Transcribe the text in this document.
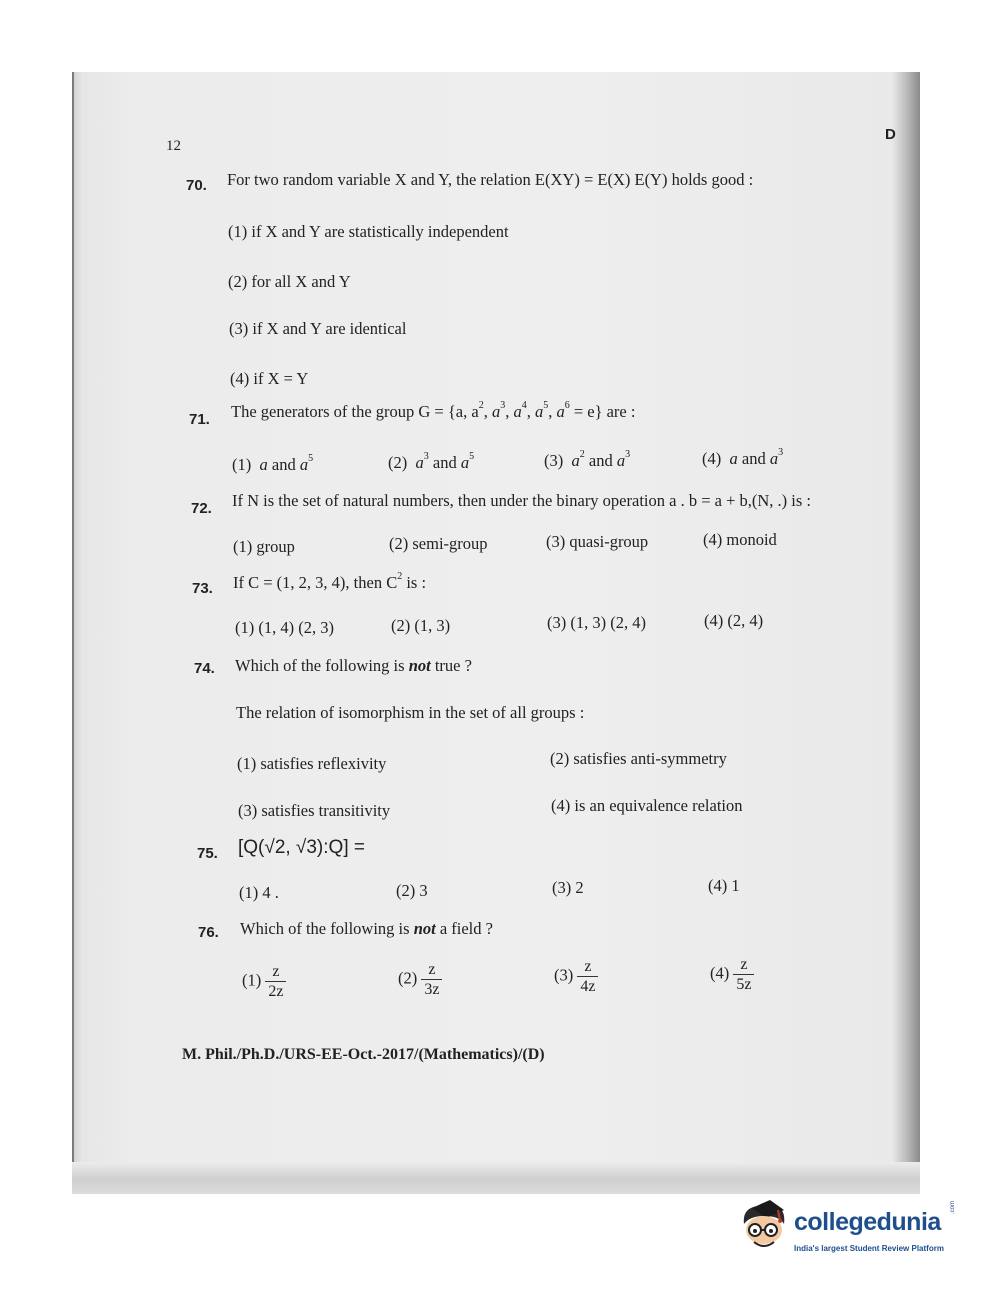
12
D
70. For two random variable X and Y, the relation E(XY) = E(X) E(Y) holds good :
(1) if X and Y are statistically independent
(2) for all X and Y
(3) if X and Y are identical
(4) if X = Y
71. The generators of the group G = {a, $a^2$, $a^3$, $a^4$, $a^5$, $a^6 = e$} are :
(1) a and $a^5$	(2) $a^3$ and $a^5$	(3) $a^2$ and $a^3$	(4) a and $a^3$
72. If N is the set of natural numbers, then under the binary operation a . b = a + b,(N, .) is :
(1) group	(2) semi-group	(3) quasi-group	(4) monoid
73. If C = (1, 2, 3, 4), then $C^2$ is :
(1) (1, 4) (2, 3)	(2) (1, 3)	(3) (1, 3) (2, 4)	(4) (2, 4)
74. Which of the following is not true ?
The relation of isomorphism in the set of all groups :
(1) satisfies reflexivity	(2) satisfies anti-symmetry
(3) satisfies transitivity	(4) is an equivalence relation
75. [Q(√2, √3):Q] =
(1) 4 .	(2) 3	(3) 2	(4) 1
76. Which of the following is not a field ?
$(1) \frac{z}{2z}$	$(2) \frac{z}{3z}$	$(3) \frac{z}{4z}$	$(4) \frac{z}{5z}$
M. Phil./Ph.D./URS-EE-Oct.-2017/(Mathematics)/(D)
collegedunia
.com
India's largest Student Review Platform
